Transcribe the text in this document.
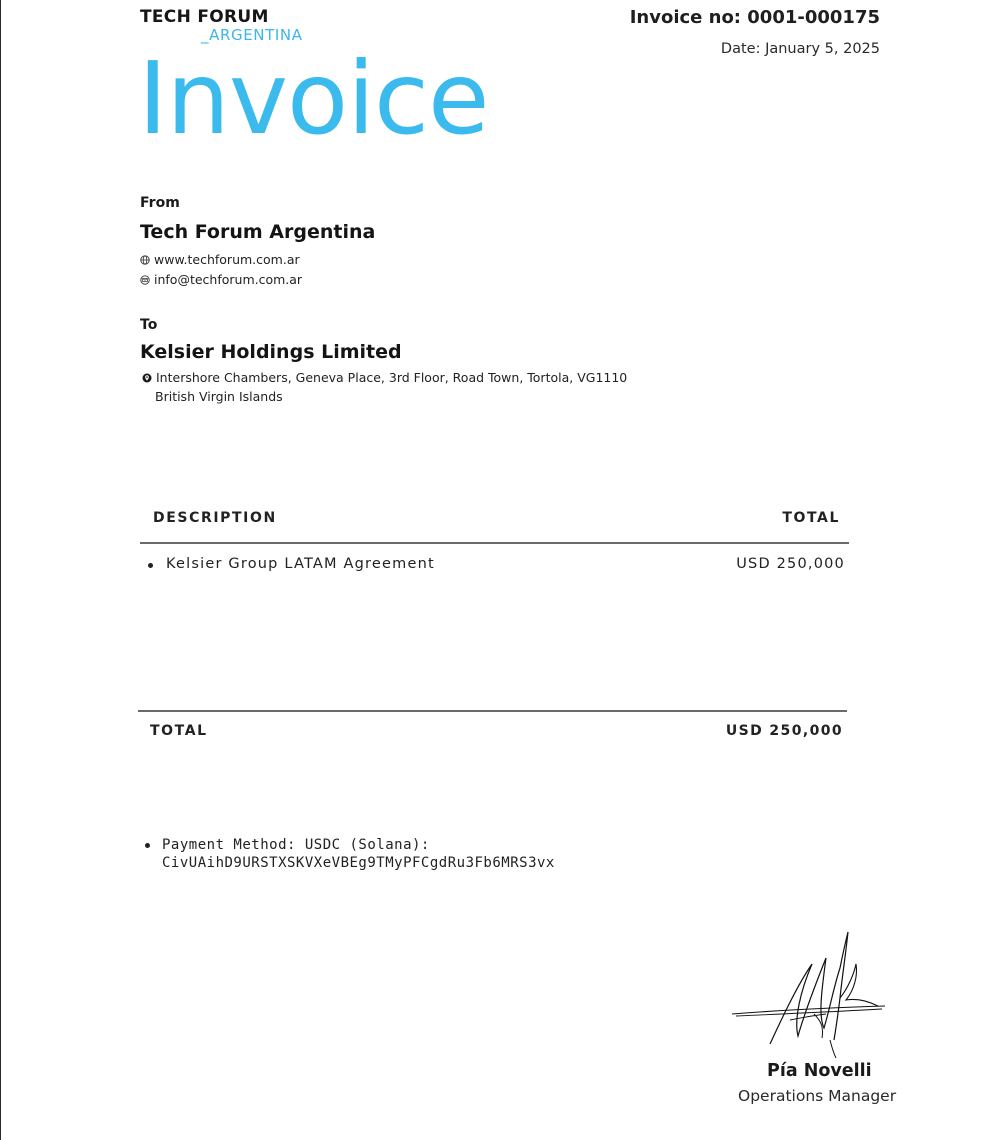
TECH FORUM
_ARGENTINA
Invoice no: 0001-000175
Date: January 5, 2025
Invoice
From
Tech Forum Argentina
www.techforum.com.ar
info@techforum.com.ar
To
Kelsier Holdings Limited
Intershore Chambers, Geneva Place, 3rd Floor, Road Town, Tortola, VG1110
British Virgin Islands
DESCRIPTION	TOTAL
Kelsier Group LATAM Agreement	USD 250,000
TOTAL	USD 250,000
Payment Method: USDC (Solana):
CivUAihD9URSTXSKVXeVBEg9TMyPFCgdRu3Fb6MRS3vx
Pía Novelli
Operations Manager
